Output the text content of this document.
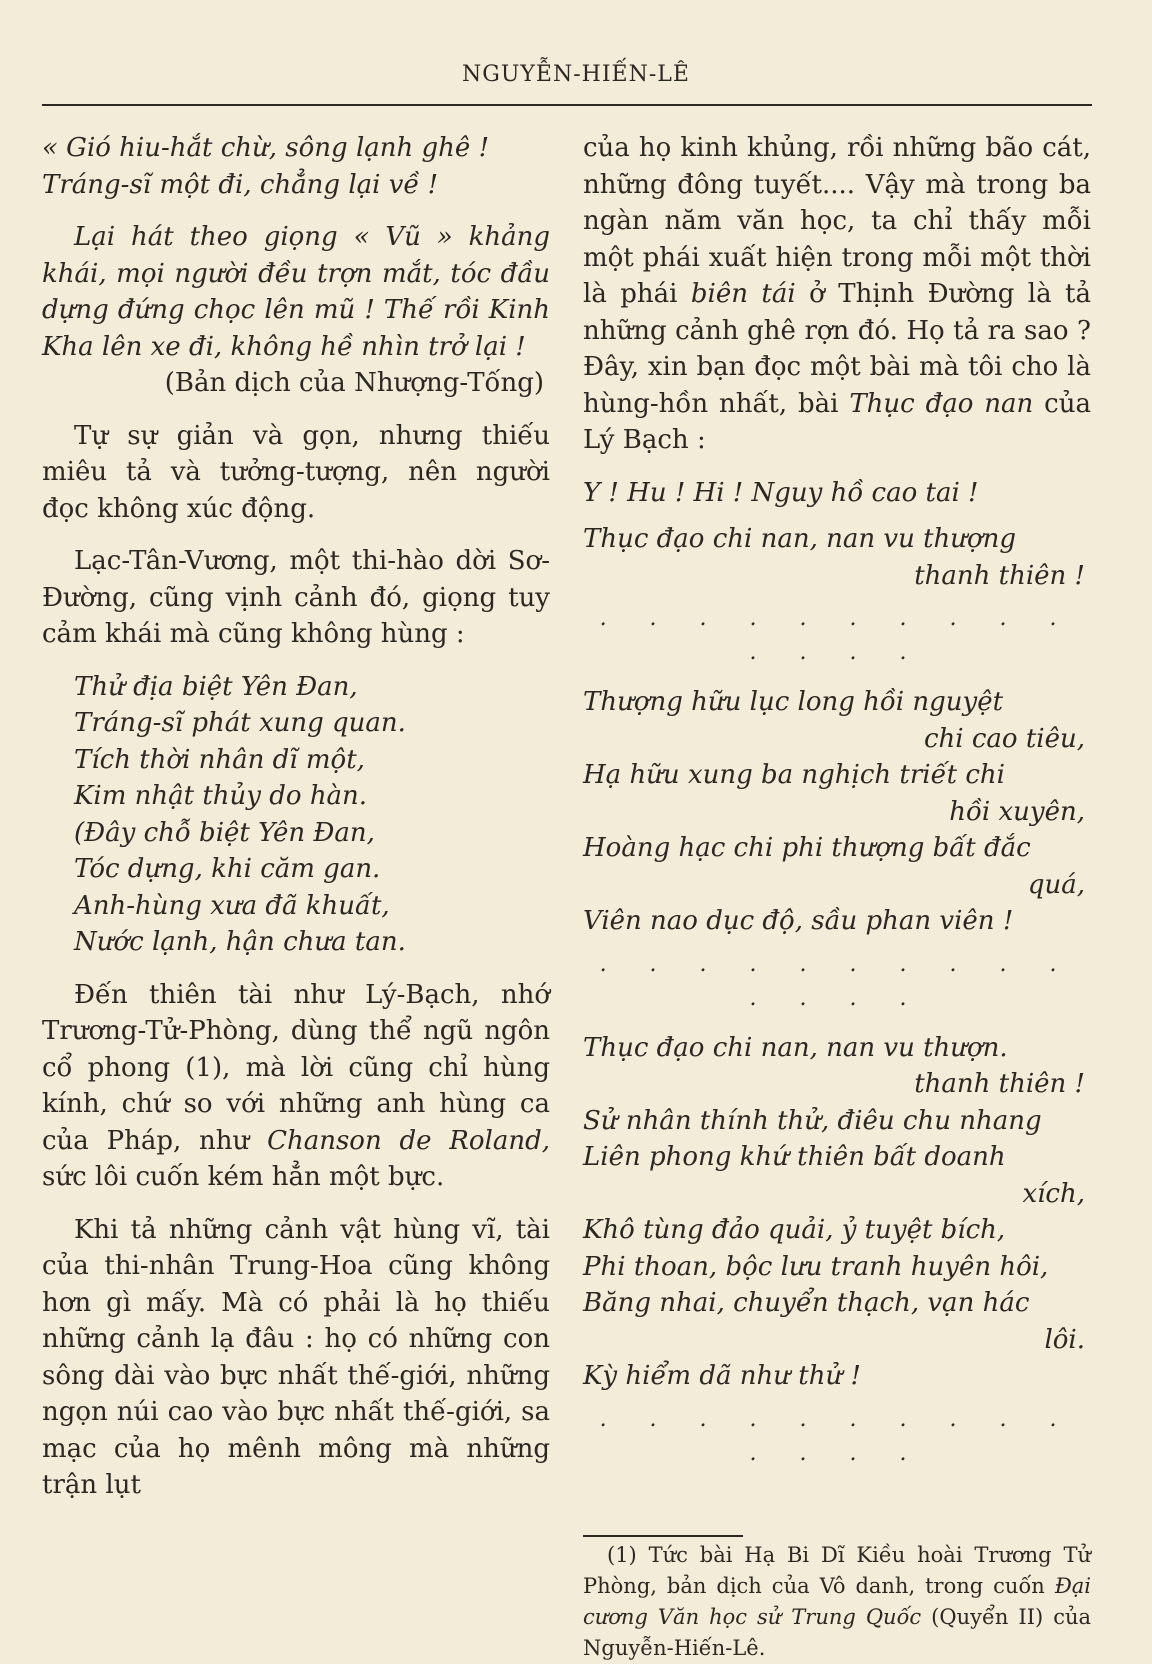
NGUYỄN-HIẾN-LÊ

« Gió hiu-hắt chừ, sông lạnh ghê !

Tráng-sĩ một đi, chẳng lại về !

Lại hát theo giọng « Vũ » khảng khái, mọi người đều trợn mắt, tóc đầu dựng đứng chọc lên mũ ! Thế rồi Kinh Kha lên xe đi, không hề nhìn trở lại !

(Bản dịch của Nhượng-Tống)

Tự sự giản và gọn, nhưng thiếu miêu tả và tưởng-tượng, nên người đọc không xúc động.

Lạc-Tân-Vương, một thi-hào dời Sơ-Đường, cũng vịnh cảnh đó, giọng tuy cảm khái mà cũng không hùng :

Thử địa biệt Yên Đan,

Tráng-sĩ phát xung quan.

Tích thời nhân dĩ một,

Kim nhật thủy do hàn.

(Đây chỗ biệt Yên Đan,

Tóc dựng, khi căm gan.

Anh-hùng xưa đã khuất,

Nước lạnh, hận chưa tan.

Đến thiên tài như Lý-Bạch, nhớ Trương-Tử-Phòng, dùng thể ngũ ngôn cổ phong (1), mà lời cũng chỉ hùng kính, chứ so với những anh hùng ca của Pháp, như Chanson de Roland, sức lôi cuốn kém hẳn một bực.

Khi tả những cảnh vật hùng vĩ, tài của thi-nhân Trung-Hoa cũng không hơn gì mấy. Mà có phải là họ thiếu những cảnh lạ đâu : họ có những con sông dài vào bực nhất thế-giới, những ngọn núi cao vào bực nhất thế-giới, sa mạc của họ mênh mông mà những trận lụt

của họ kinh khủng, rồi những bão cát, những đông tuyết.... Vậy mà trong ba ngàn năm văn học, ta chỉ thấy mỗi một phái xuất hiện trong mỗi một thời là phái biên tái ở Thịnh Đường là tả những cảnh ghê rợn đó. Họ tả ra sao ? Đây, xin bạn đọc một bài mà tôi cho là hùng-hồn nhất, bài Thục đạo nan của Lý Bạch :

Y ! Hu ! Hi ! Nguy hồ cao tai !

Thục đạo chi nan, nan vu thượng

thanh thiên !

. . . . . . . . . . . . . .

Thượng hữu lục long hồi nguyệt

chi cao tiêu,

Hạ hữu xung ba nghịch triết chi

hồi xuyên,

Hoàng hạc chi phi thượng bất đắc

quá,

Viên nao dục độ, sầu phan viên !

. . . . . . . . . . . . . .

Thục đạo chi nan, nan vu thượn.

thanh thiên !

Sử nhân thính thử, điêu chu nhang

Liên phong khứ thiên bất doanh

xích,

Khô tùng đảo quải, ỷ tuyệt bích,

Phi thoan, bộc lưu tranh huyên hôi,

Băng nhai, chuyển thạch, vạn hác

lôi.

Kỳ hiểm dã như thử !

. . . . . . . . . . . . . .

(1) Tức bài Hạ Bi Dĩ Kiều hoài Trương Tử Phòng, bản dịch của Vô danh, trong cuốn Đại cương Văn học sử Trung Quốc (Quyển II) của Nguyễn-Hiến-Lê.
